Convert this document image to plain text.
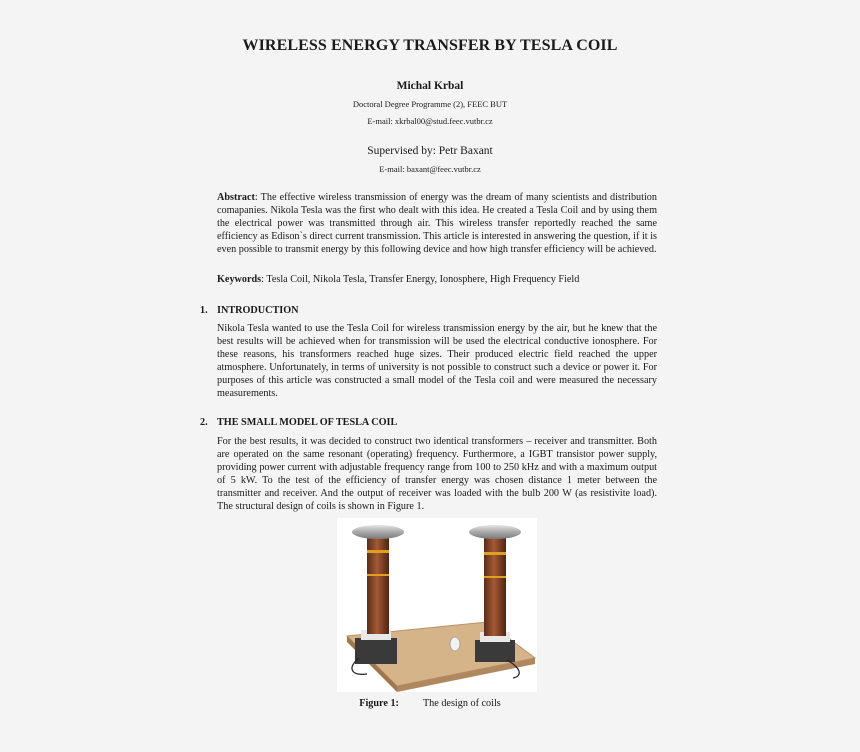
WIRELESS ENERGY TRANSFER BY TESLA COIL
Michal Krbal
Doctoral Degree Programme (2), FEEC BUT
E-mail: xkrbal00@stud.feec.vutbr.cz
Supervised by: Petr Baxant
E-mail: baxant@feec.vutbr.cz
Abstract: The effective wireless transmission of energy was the dream of many scientists and distribution comapanies. Nikola Tesla was the first who dealt with this idea. He created a Tesla Coil and by using them the electrical power was transmitted through air. This wireless transfer reportedly reached the same efficiency as Edison`s direct current transmission. This article is interested in answering the question, if it is even possible to transmit energy by this following device and how high transfer efficiency will be achieved.
Keywords: Tesla Coil, Nikola Tesla, Transfer Energy, Ionosphere, High Frequency Field
1. INTRODUCTION
Nikola Tesla wanted to use the Tesla Coil for wireless transmission energy by the air, but he knew that the best results will be achieved when for transmission will be used the electrical conductive ionosphere. For these reasons, his transformers reached huge sizes. Their produced electric field reached the upper atmosphere. Unfortunately, in terms of university is not possible to construct such a device or power it. For purposes of this article was constructed a small model of the Tesla coil and were measured the necessary measurements.
2. THE SMALL MODEL OF TESLA COIL
For the best results, it was decided to construct two identical transformers – receiver and transmitter. Both are operated on the same resonant (operating) frequency. Furthermore, a IGBT transistor power supply, providing power current with adjustable frequency range from 100 to 250 kHz and with a maximum output of 5 kW. To the test of the efficiency of transfer energy was chosen distance 1 meter between the transmitter and receiver. And the output of receiver was loaded with the bulb 200 W (as resistivite load). The structural design of coils is shown in Figure 1.
Figure 1: The design of coils
